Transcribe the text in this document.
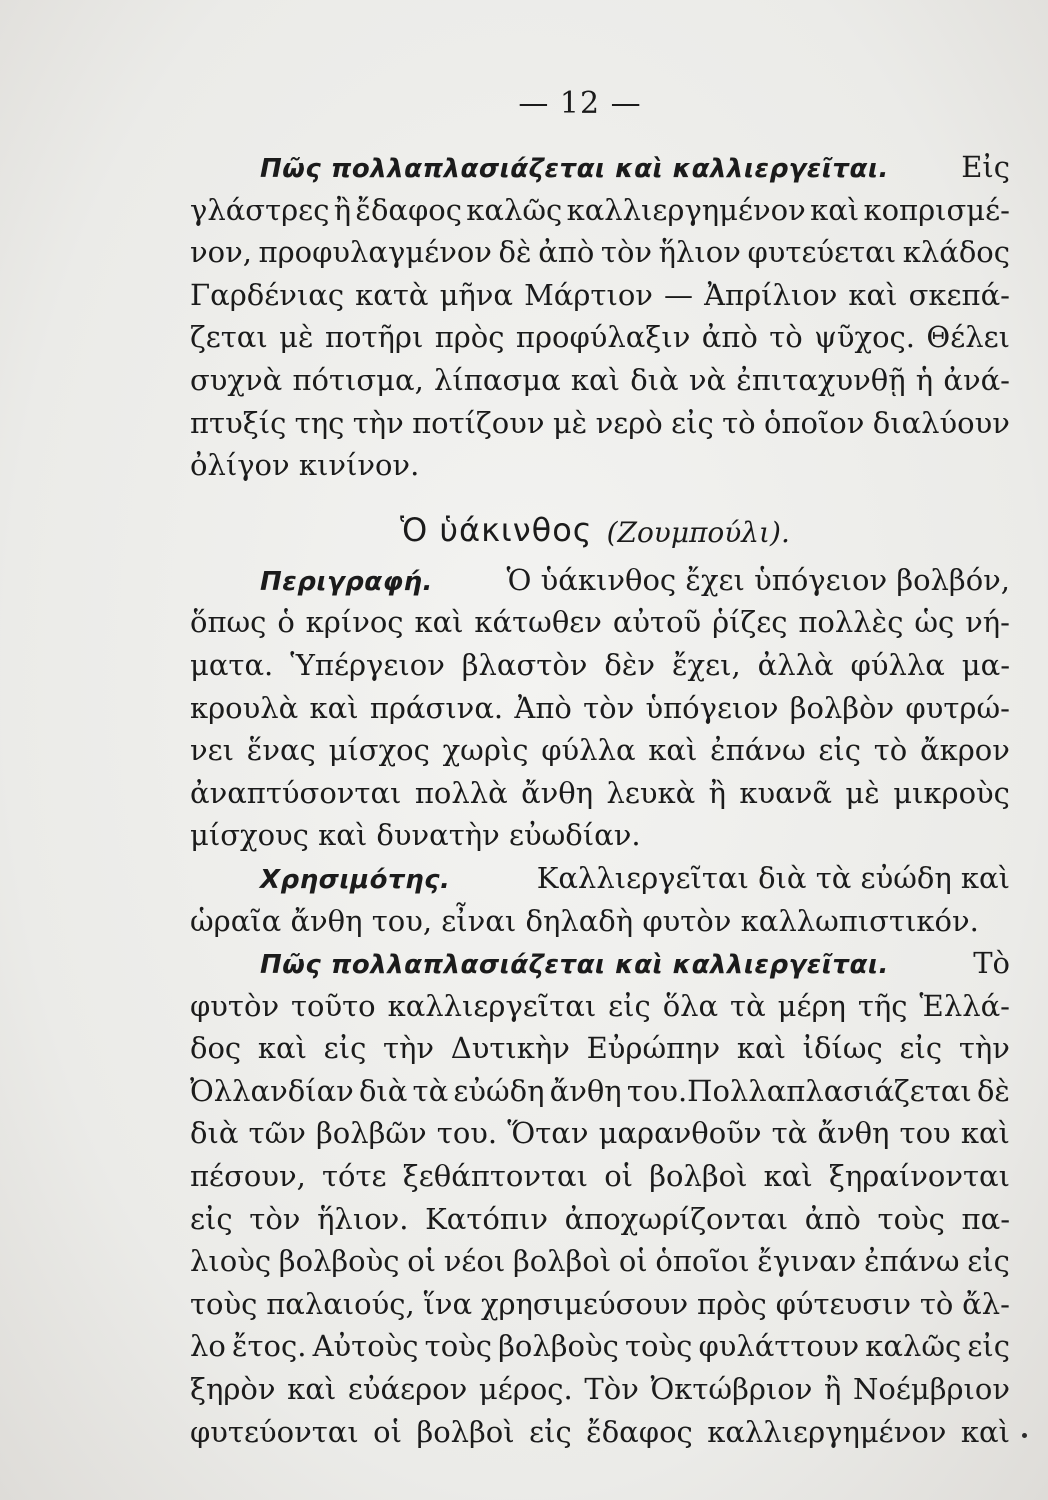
— 12 —
Πῶς πολλαπλασιάζεται καὶ καλλιεργεῖται. Εἰς
γλάστρες ἢ ἔδαφος καλῶς καλλιεργημένον καὶ κοπρισμέ-
νον, προφυλαγμένον δὲ ἀπὸ τὸν ἥλιον φυτεύεται κλάδος
Γαρδένιας κατὰ μῆνα Μάρτιον — Ἀπρίλιον καὶ σκεπά-
ζεται μὲ ποτῆρι πρὸς προφύλαξιν ἀπὸ τὸ ψῦχος. Θέλει
συχνὰ πότισμα, λίπασμα καὶ διὰ νὰ ἐπιταχυνθῇ ἡ ἀνά-
πτυξίς της τὴν ποτίζουν μὲ νερὸ εἰς τὸ ὁποῖον διαλύουν
ὀλίγον κινίνον.
Ὁ ὑάκινθος (Ζουμπούλι).
Περιγραφή.	Ὁ ὑάκινθος ἔχει ὑπόγειον βολβόν,
ὅπως ὁ κρίνος καὶ κάτωθεν αὐτοῦ ῥίζες πολλὲς ὡς νή-
ματα. Ὑπέργειον βλαστὸν δὲν ἔχει, ἀλλὰ φύλλα μα-
κρουλὰ καὶ πράσινα. Ἀπὸ τὸν ὑπόγειον βολβὸν φυτρώ-
νει ἕνας μίσχος χωρὶς φύλλα καὶ ἐπάνω εἰς τὸ ἄκρον
ἀναπτύσονται πολλὰ ἄνθη λευκὰ ἢ κυανᾶ μὲ μικροὺς
μίσχους καὶ δυνατὴν εὐωδίαν.
Χρησιμότης.	Καλλιεργεῖται διὰ τὰ εὐώδη καὶ
ὡραῖα ἄνθη του, εἶναι δηλαδὴ φυτὸν καλλωπιστικόν.
Πῶς πολλαπλασιάζεται καὶ καλλιεργεῖται.	Τὸ
φυτὸν τοῦτο καλλιεργεῖται εἰς ὅλα τὰ μέρη τῆς Ἑλλά-
δος καὶ εἰς τὴν Δυτικὴν Εὐρώπην καὶ ἰδίως εἰς τὴν
Ὀλλανδίαν διὰ τὰ εὐώδη ἄνθη του.Πολλαπλασιάζεται δὲ
διὰ τῶν βολβῶν του. Ὅταν μαρανθοῦν τὰ ἄνθη του καὶ
πέσουν, τότε ξεθάπτονται οἱ βολβοὶ καὶ ξηραίνονται
εἰς τὸν ἥλιον. Κατόπιν ἀποχωρίζονται ἀπὸ τοὺς πα-
λιοὺς βολβοὺς οἱ νέοι βολβοὶ οἱ ὁποῖοι ἔγιναν ἐπάνω εἰς
τοὺς παλαιούς, ἵνα χρησιμεύσουν πρὸς φύτευσιν τὸ ἄλ-
λο ἔτος. Αὐτοὺς τοὺς βολβοὺς τοὺς φυλάττουν καλῶς εἰς
ξηρὸν καὶ εὐάερον μέρος. Τὸν Ὀκτώβριον ἢ Νοέμβριον
φυτεύονται οἱ βολβοὶ εἰς ἔδαφος καλλιεργημένον καὶ
